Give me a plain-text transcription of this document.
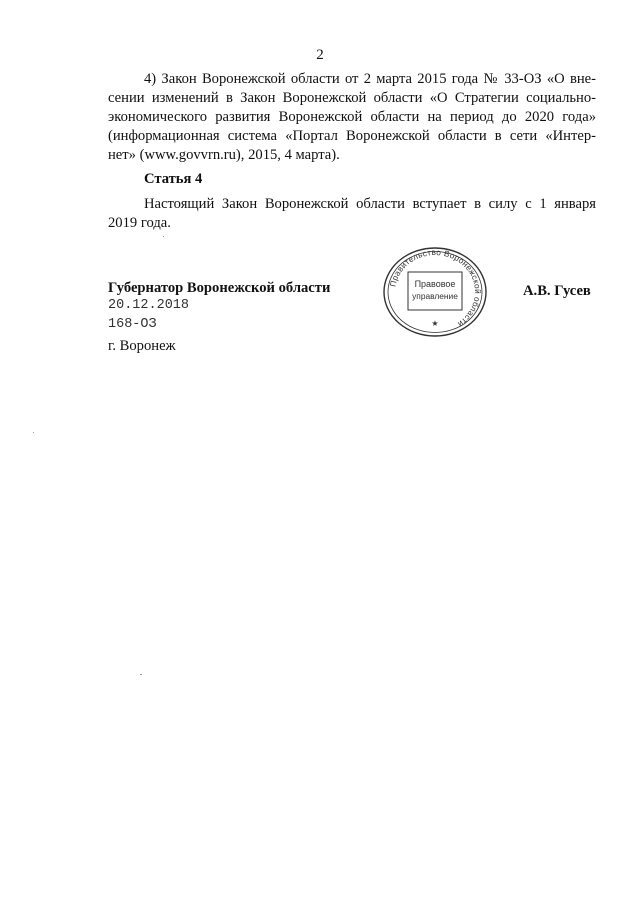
2
4) Закон Воронежской области от 2 марта 2015 года № 33-ОЗ «О вне-
сении изменений в Закон Воронежской области «О Стратегии социально-
экономического развития Воронежской области на период до 2020 года»
(информационная система «Портал Воронежской области в сети «Интер-
нет» (www.govvrn.ru), 2015, 4 марта).
Статья 4
Настоящий Закон Воронежской области вступает в силу с 1 января
2019 года.
Губернатор Воронежской области	Правительство Воронежской области
Правовое
управление
★
А.В. Гусев
20.12.2018
168-ОЗ
г. Воронеж
